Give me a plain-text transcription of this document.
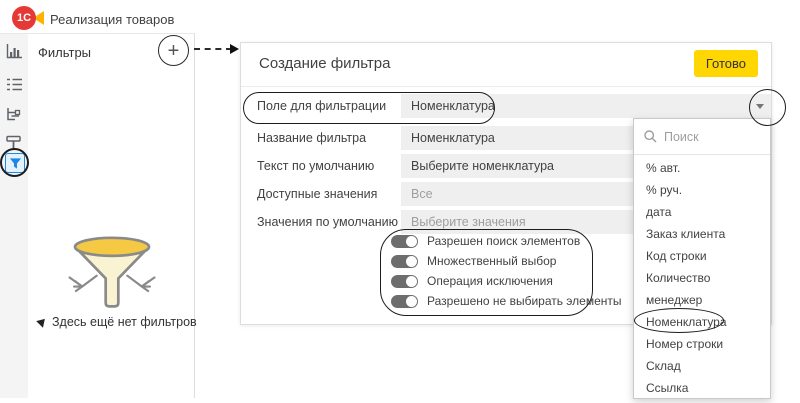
1С	Реализация товаров
Фильтры	+
Здесь ещё нет фильтров
Создание фильтра	Готово
Поле для фильтрации	Номенклатура
Название фильтра	Номенклатура
Текст по умолчанию	Выберите номенклатура
Доступные значения	Все
Значения по умолчанию	Выберите значения
Разрешен поиск элементов
Множественный выбор
Операция исключения
Разрешено не выбирать элементы
Поиск
% авт.
% руч.
дата
Заказ клиента
Код строки
Количество
менеджер
Номенклатура
Номер строки
Склад
Ссылка
